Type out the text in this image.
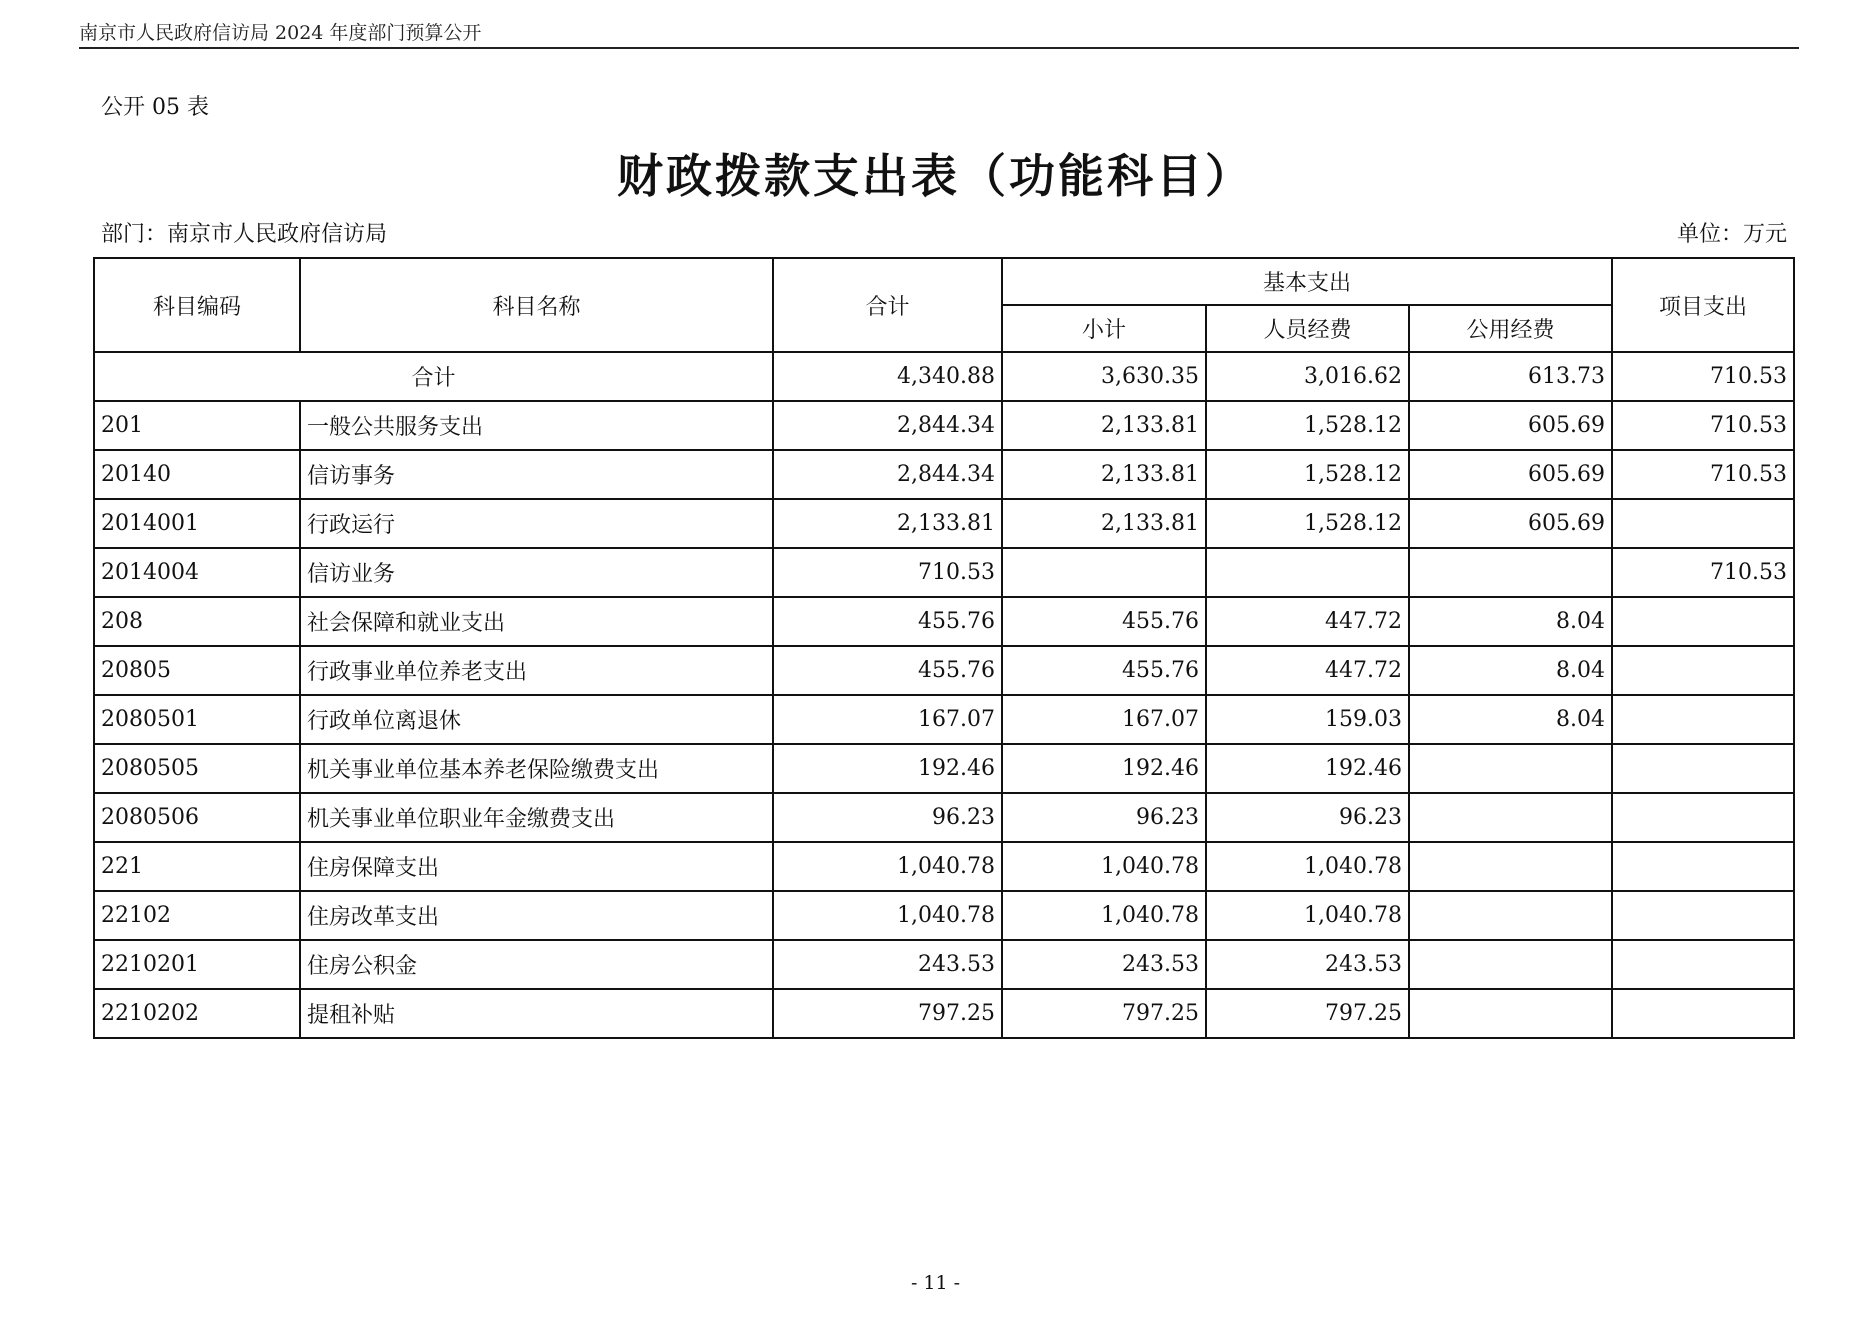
南京市人民政府信访局 2024 年度部门预算公开
公开 05 表
财政拨款支出表（功能科目）
部门：南京市人民政府信访局	单位：万元
科目编码	科目名称	合计	基本支出			项目支出
			小计	人员经费	公用经费	
合计		4,340.88	3,630.35	3,016.62	613.73	710.53
201	一般公共服务支出	2,844.34	2,133.81	1,528.12	605.69	710.53
20140	信访事务	2,844.34	2,133.81	1,528.12	605.69	710.53
2014001	行政运行	2,133.81	2,133.81	1,528.12	605.69	
2014004	信访业务	710.53				710.53
208	社会保障和就业支出	455.76	455.76	447.72	8.04	
20805	行政事业单位养老支出	455.76	455.76	447.72	8.04	
2080501	行政单位离退休	167.07	167.07	159.03	8.04	
2080505	机关事业单位基本养老保险缴费支出	192.46	192.46	192.46		
2080506	机关事业单位职业年金缴费支出	96.23	96.23	96.23		
221	住房保障支出	1,040.78	1,040.78	1,040.78		
22102	住房改革支出	1,040.78	1,040.78	1,040.78		
2210201	住房公积金	243.53	243.53	243.53		
2210202	提租补贴	797.25	797.25	797.25		
- 11 -
